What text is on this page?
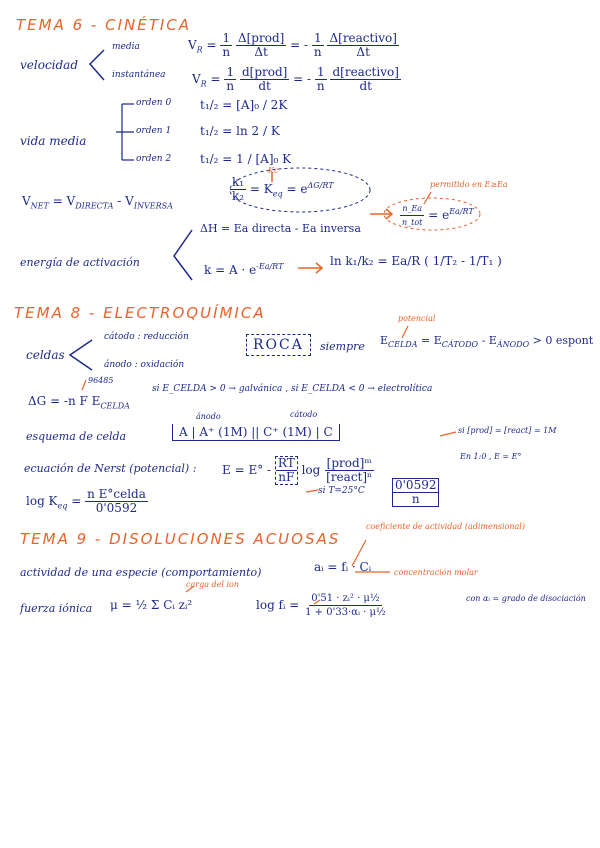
TEMA 6 - CINÉTICA
velocidad
media
instantánea
$V_R = \frac{1}{n}$
$\frac{\text{Δ[prod]}}{\Delta t}$ = - $\frac{1}{n}$
$\frac{\text{Δ[reactivo]}}{\Delta t}$
$V_R = \frac{1}{n}$
$\frac{\text{d[prod]}}{dt}$ = - $\frac{1}{n}$
$\frac{\text{d[reactivo]}}{dt}$
vida media
orden 0
orden 1
orden 2
t₁/₂ = [A]₀ / 2K
t₁/₂ = ln 2 / K
t₁/₂ = 1 / [A]₀ K
$V_{NET} = V_{DIRECTA} - V_{INVERSA}$
$\frac{\text{k₁}}{\text{k₂}} = K_{eq} = e^{\Delta G/RT}$
Kc
permitido en E≥Ea
$\frac{n\_Ea}{\text{n\_tot}} = e^{Ea/RT}$
ΔH = Ea directa - Ea inversa
energía de activación
$k = A \cdot e^{-Ea/RT}$	ln k₁/k₂ = Ea/R ( 1/T₂ - 1/T₁ )
TEMA 8 - ELECTROQUÍMICA
celdas
cátodo : reducción
ánodo : oxidación
ROCA	siempre
potencial
$E_{CELDA} = E_{CÁTODO} - E_{ÁNODO} > 0$ espont
96485
ΔG = -n F $E_{CELDA}$
si E_CELDA > 0 → galvánica , si E_CELDA < 0 → electrolítica
esquema de celda
ánodo	cátodo
A | A⁺ (1M) || C⁺ (1M) | C	si [prod] = [react] = 1M
ecuación de Nerst (potencial) : $E = E^\circ - \frac{RT}{nF}$ $\log \frac{\text{[prod]ᵐ}}{\text{[react]ⁿ}}$
En 1:0 , E = E°
si $T=25^\circ C \frac{0'0592}{n}$
$\log K_{eq} = \frac{\text{n E°celda}}{0'0592}$
TEMA 9 - DISOLUCIONES ACUOSAS
coeficiente de actividad (adimensional)
actividad de una especie (comportamiento)	aᵢ = fᵢ · Cᵢ	concentración molar
fuerza iónica
carga del ion
μ = ½ Σ Cᵢ zᵢ²	log fᵢ = $\frac{\text{0'51 · zᵢ² · μ½}}{\text{1 + 0'33·αᵢ · μ½}}$	con αᵢ = grado de disociación
